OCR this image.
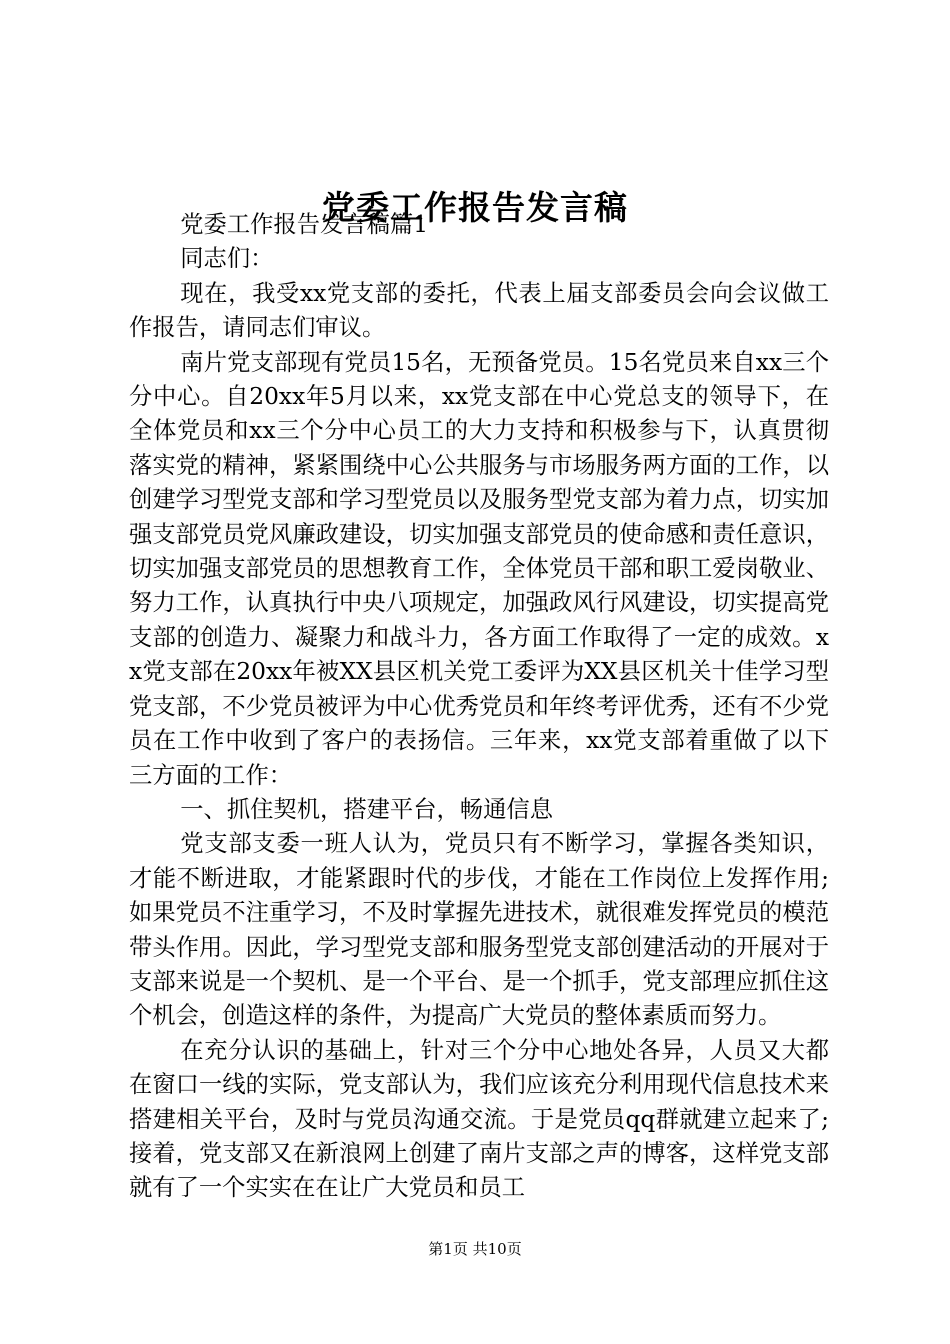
党委工作报告发言稿

党委工作报告发言稿篇1

同志们：

现在，我受xx党支部的委托，代表上届支部委员会向会议做工作报告，请同志们审议。

南片党支部现有党员15名，无预备党员。15名党员来自xx三个分中心。自20xx年5月以来，xx党支部在中心党总支的领导下，在全体党员和xx三个分中心员工的大力支持和积极参与下，认真贯彻落实党的精神，紧紧围绕中心公共服务与市场服务两方面的工作，以创建学习型党支部和学习型党员以及服务型党支部为着力点，切实加强支部党员党风廉政建设，切实加强支部党员的使命感和责任意识，切实加强支部党员的思想教育工作，全体党员干部和职工爱岗敬业、努力工作，认真执行中央八项规定，加强政风行风建设，切实提高党支部的创造力、凝聚力和战斗力，各方面工作取得了一定的成效。xx党支部在20xx年被XX县区机关党工委评为XX县区机关十佳学习型党支部，不少党员被评为中心优秀党员和年终考评优秀，还有不少党员在工作中收到了客户的表扬信。三年来，xx党支部着重做了以下三方面的工作：

一、抓住契机，搭建平台，畅通信息

党支部支委一班人认为，党员只有不断学习，掌握各类知识，才能不断进取，才能紧跟时代的步伐，才能在工作岗位上发挥作用;如果党员不注重学习，不及时掌握先进技术，就很难发挥党员的模范带头作用。因此，学习型党支部和服务型党支部创建活动的开展对于支部来说是一个契机、是一个平台、是一个抓手，党支部理应抓住这个机会，创造这样的条件，为提高广大党员的整体素质而努力。

在充分认识的基础上，针对三个分中心地处各异，人员又大都在窗口一线的实际，党支部认为，我们应该充分利用现代信息技术来搭建相关平台，及时与党员沟通交流。于是党员qq群就建立起来了;接着，党支部又在新浪网上创建了南片支部之声的博客，这样党支部就有了一个实实在在让广大党员和员工

第1页 共10页
